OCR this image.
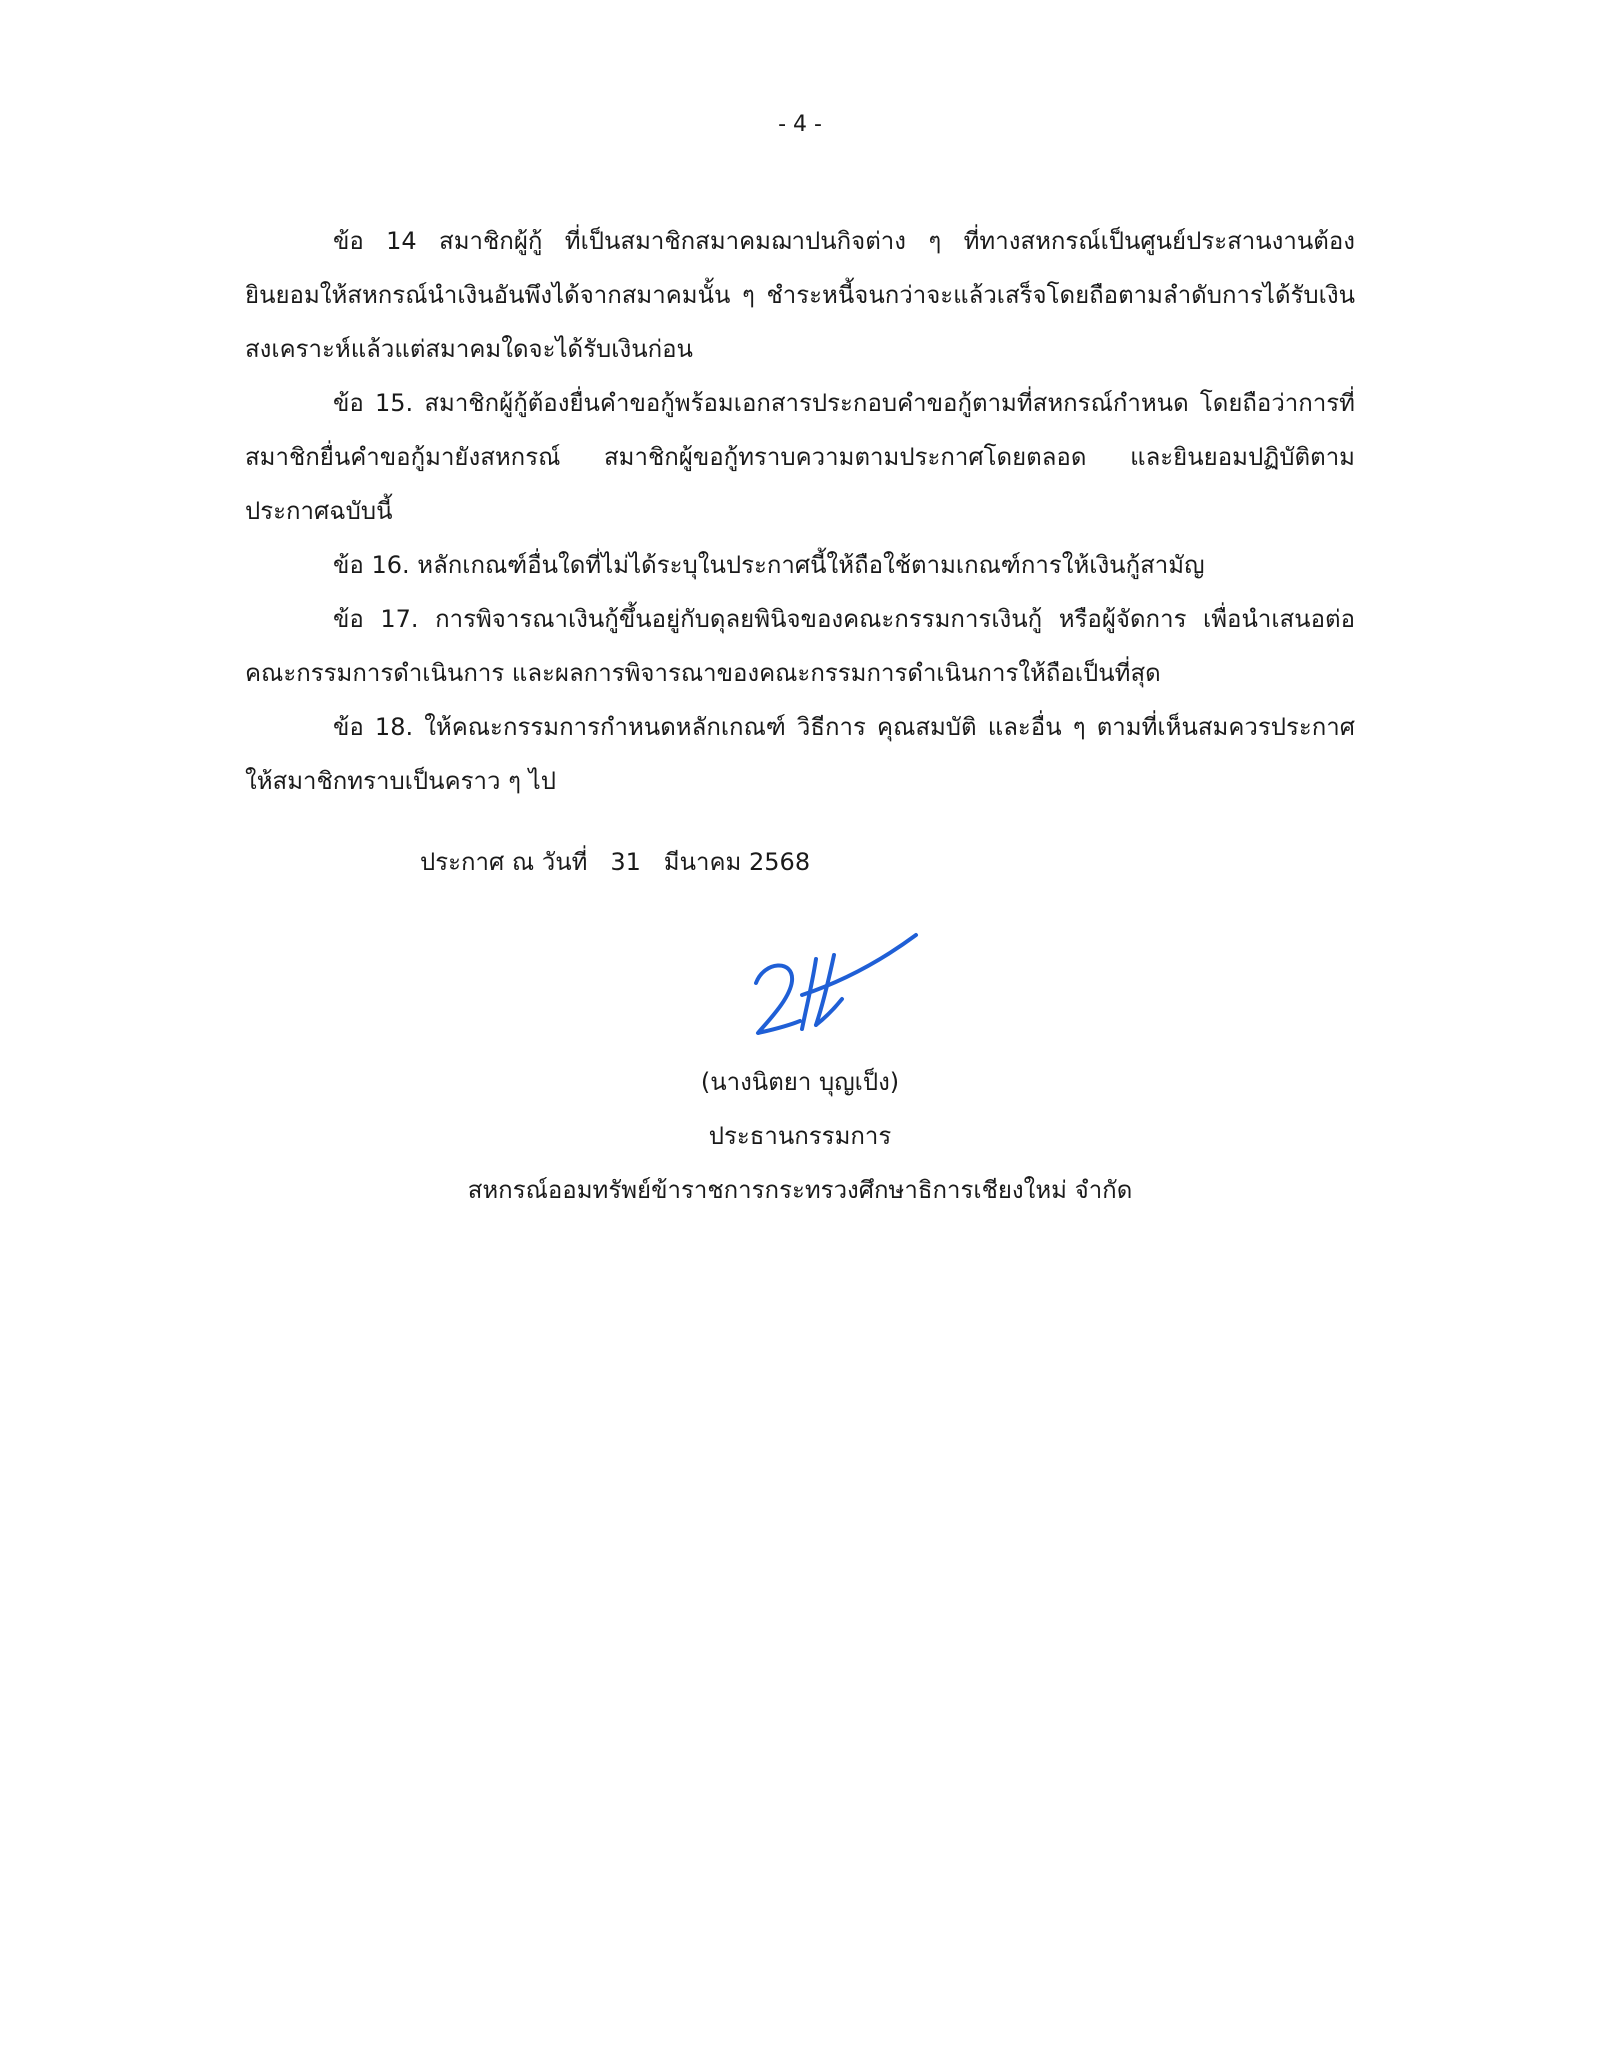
- 4 -

ข้อ 14 สมาชิกผู้กู้ ที่เป็นสมาชิกสมาคมฌาปนกิจต่าง ๆ ที่ทางสหกรณ์เป็นศูนย์ประสานงานต้องยินยอมให้สหกรณ์นำเงินอันพึงได้จากสมาคมนั้น ๆ ชำระหนี้จนกว่าจะแล้วเสร็จโดยถือตามลำดับการได้รับเงินสงเคราะห์แล้วแต่สมาคมใดจะได้รับเงินก่อน

ข้อ 15. สมาชิกผู้กู้ต้องยื่นคำขอกู้พร้อมเอกสารประกอบคำขอกู้ตามที่สหกรณ์กำหนด โดยถือว่าการที่สมาชิกยื่นคำขอกู้มายังสหกรณ์ สมาชิกผู้ขอกู้ทราบความตามประกาศโดยตลอด และยินยอมปฏิบัติตามประกาศฉบับนี้

ข้อ 16. หลักเกณฑ์อื่นใดที่ไม่ได้ระบุในประกาศนี้ให้ถือใช้ตามเกณฑ์การให้เงินกู้สามัญ

ข้อ 17. การพิจารณาเงินกู้ขึ้นอยู่กับดุลยพินิจของคณะกรรมการเงินกู้ หรือผู้จัดการ เพื่อนำเสนอต่อคณะกรรมการดำเนินการ และผลการพิจารณาของคณะกรรมการดำเนินการให้ถือเป็นที่สุด

ข้อ 18. ให้คณะกรรมการกำหนดหลักเกณฑ์ วิธีการ คุณสมบัติ และอื่น ๆ ตามที่เห็นสมควรประกาศให้สมาชิกทราบเป็นคราว ๆ ไป

ประกาศ ณ วันที่   31   มีนาคม 2568
(นางนิตยา บุญเป็ง)
ประธานกรรมการ
สหกรณ์ออมทรัพย์ข้าราชการกระทรวงศึกษาธิการเชียงใหม่ จำกัด
